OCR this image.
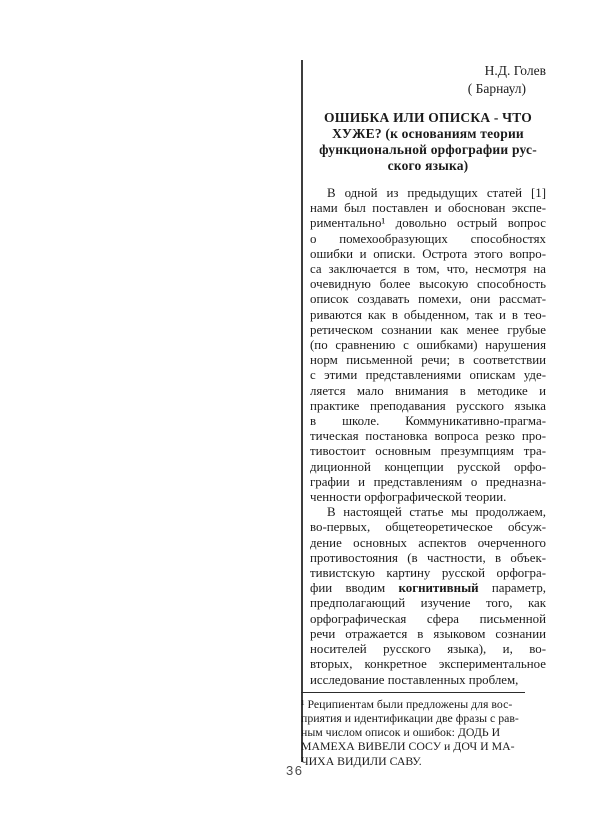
Н.Д. Голев
( Барнаул)
ОШИБКА ИЛИ ОПИСКА - ЧТО
ХУЖЕ? (к основаниям теории
функциональной орфографии рус-
ского языка)
В одной из предыдущих статей [1]
нами был поставлен и обоснован экспе-
риментально¹ довольно острый вопрос
о помехообразующих способностях
ошибки и описки. Острота этого вопро-
са заключается в том, что, несмотря на
очевидную более высокую способность
описок создавать помехи, они рассмат-
риваются как в обыденном, так и в тео-
ретическом сознании как менее грубые
(по сравнению с ошибками) нарушения
норм письменной речи; в соответствии
с этими представлениями опискам уде-
ляется мало внимания в методике и
практике преподавания русского языка
в школе. Коммуникативно-прагма-
тическая постановка вопроса резко про-
тивостоит основным презумпциям тра-
диционной концепции русской орфо-
графии и представлениям о предназна-
ченности орфографической теории.
В настоящей статье мы продолжаем,
во-первых, общетеоретическое обсуж-
дение основных аспектов очерченного
противостояния (в частности, в объек-
тивистскую картину русской орфогра-
фии вводим когнитивный параметр,
предполагающий изучение того, как
орфографическая сфера письменной
речи отражается в языковом сознании
носителей русского языка), и, во-
вторых, конкретное экспериментальное
исследование поставленных проблем,
¹ Реципиентам были предложены для вос-
приятия и идентификации две фразы с рав-
ным числом описок и ошибок: ДОДЬ И
МАМЕХА ВИВЕЛИ СОСУ и ДОЧ И МА-
ЧИХА ВИДИЛИ САВУ.
36
